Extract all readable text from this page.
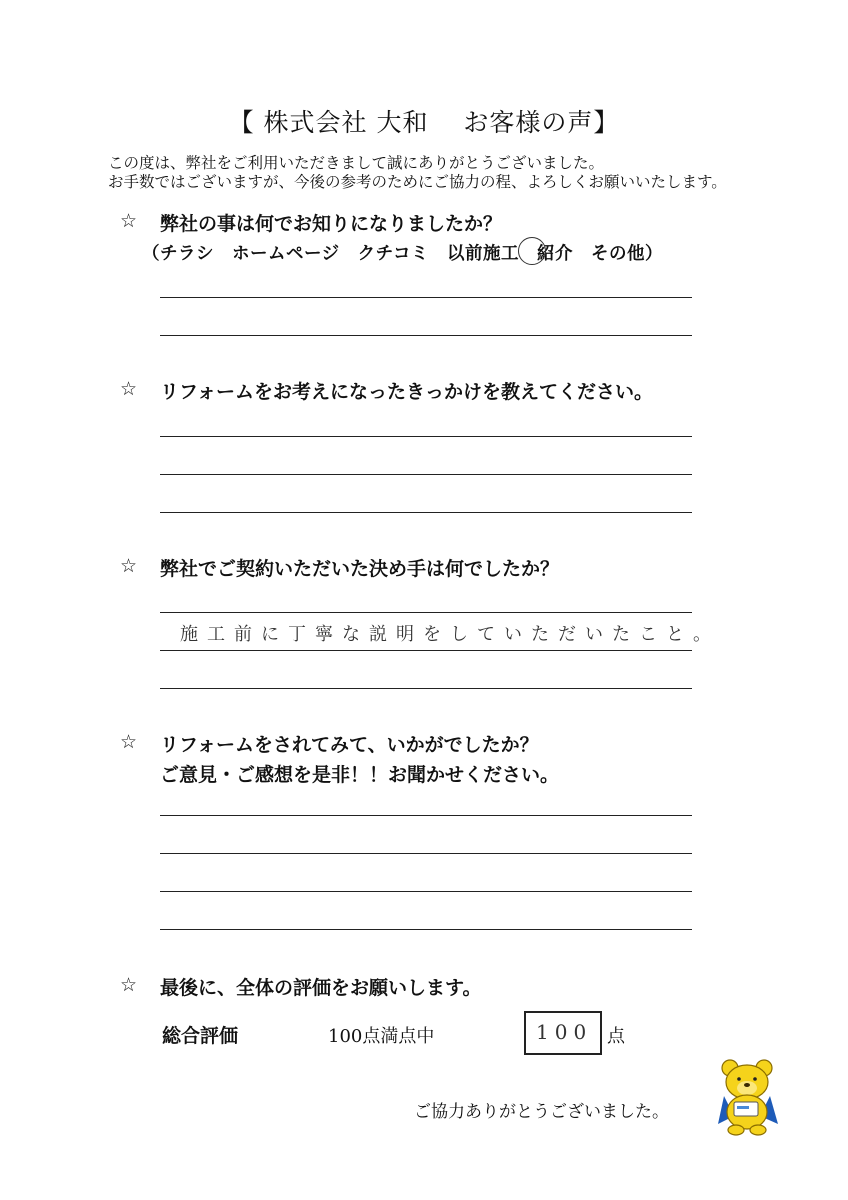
【 株式会社 大和　 お客様の声】
この度は、弊社をご利用いただきまして誠にありがとうございました。
お手数ではございますが、今後の参考のためにご協力の程、よろしくお願いいたします。
☆ 弊社の事は何でお知りになりましたか？
（チラシ　ホームページ　クチコミ　以前施工　紹介　その他）
☆ リフォームをお考えになったきっかけを教えてください。
☆ 弊社でご契約いただいた決め手は何でしたか？
施工前に丁寧な説明をしていただいたこと。
☆ リフォームをされてみて、いかがでしたか？
ご意見・ご感想を是非！！お聞かせください。
☆ 最後に、全体の評価をお願いします。
総合評価	100点満点中	100 点
ご協力ありがとうございました。
